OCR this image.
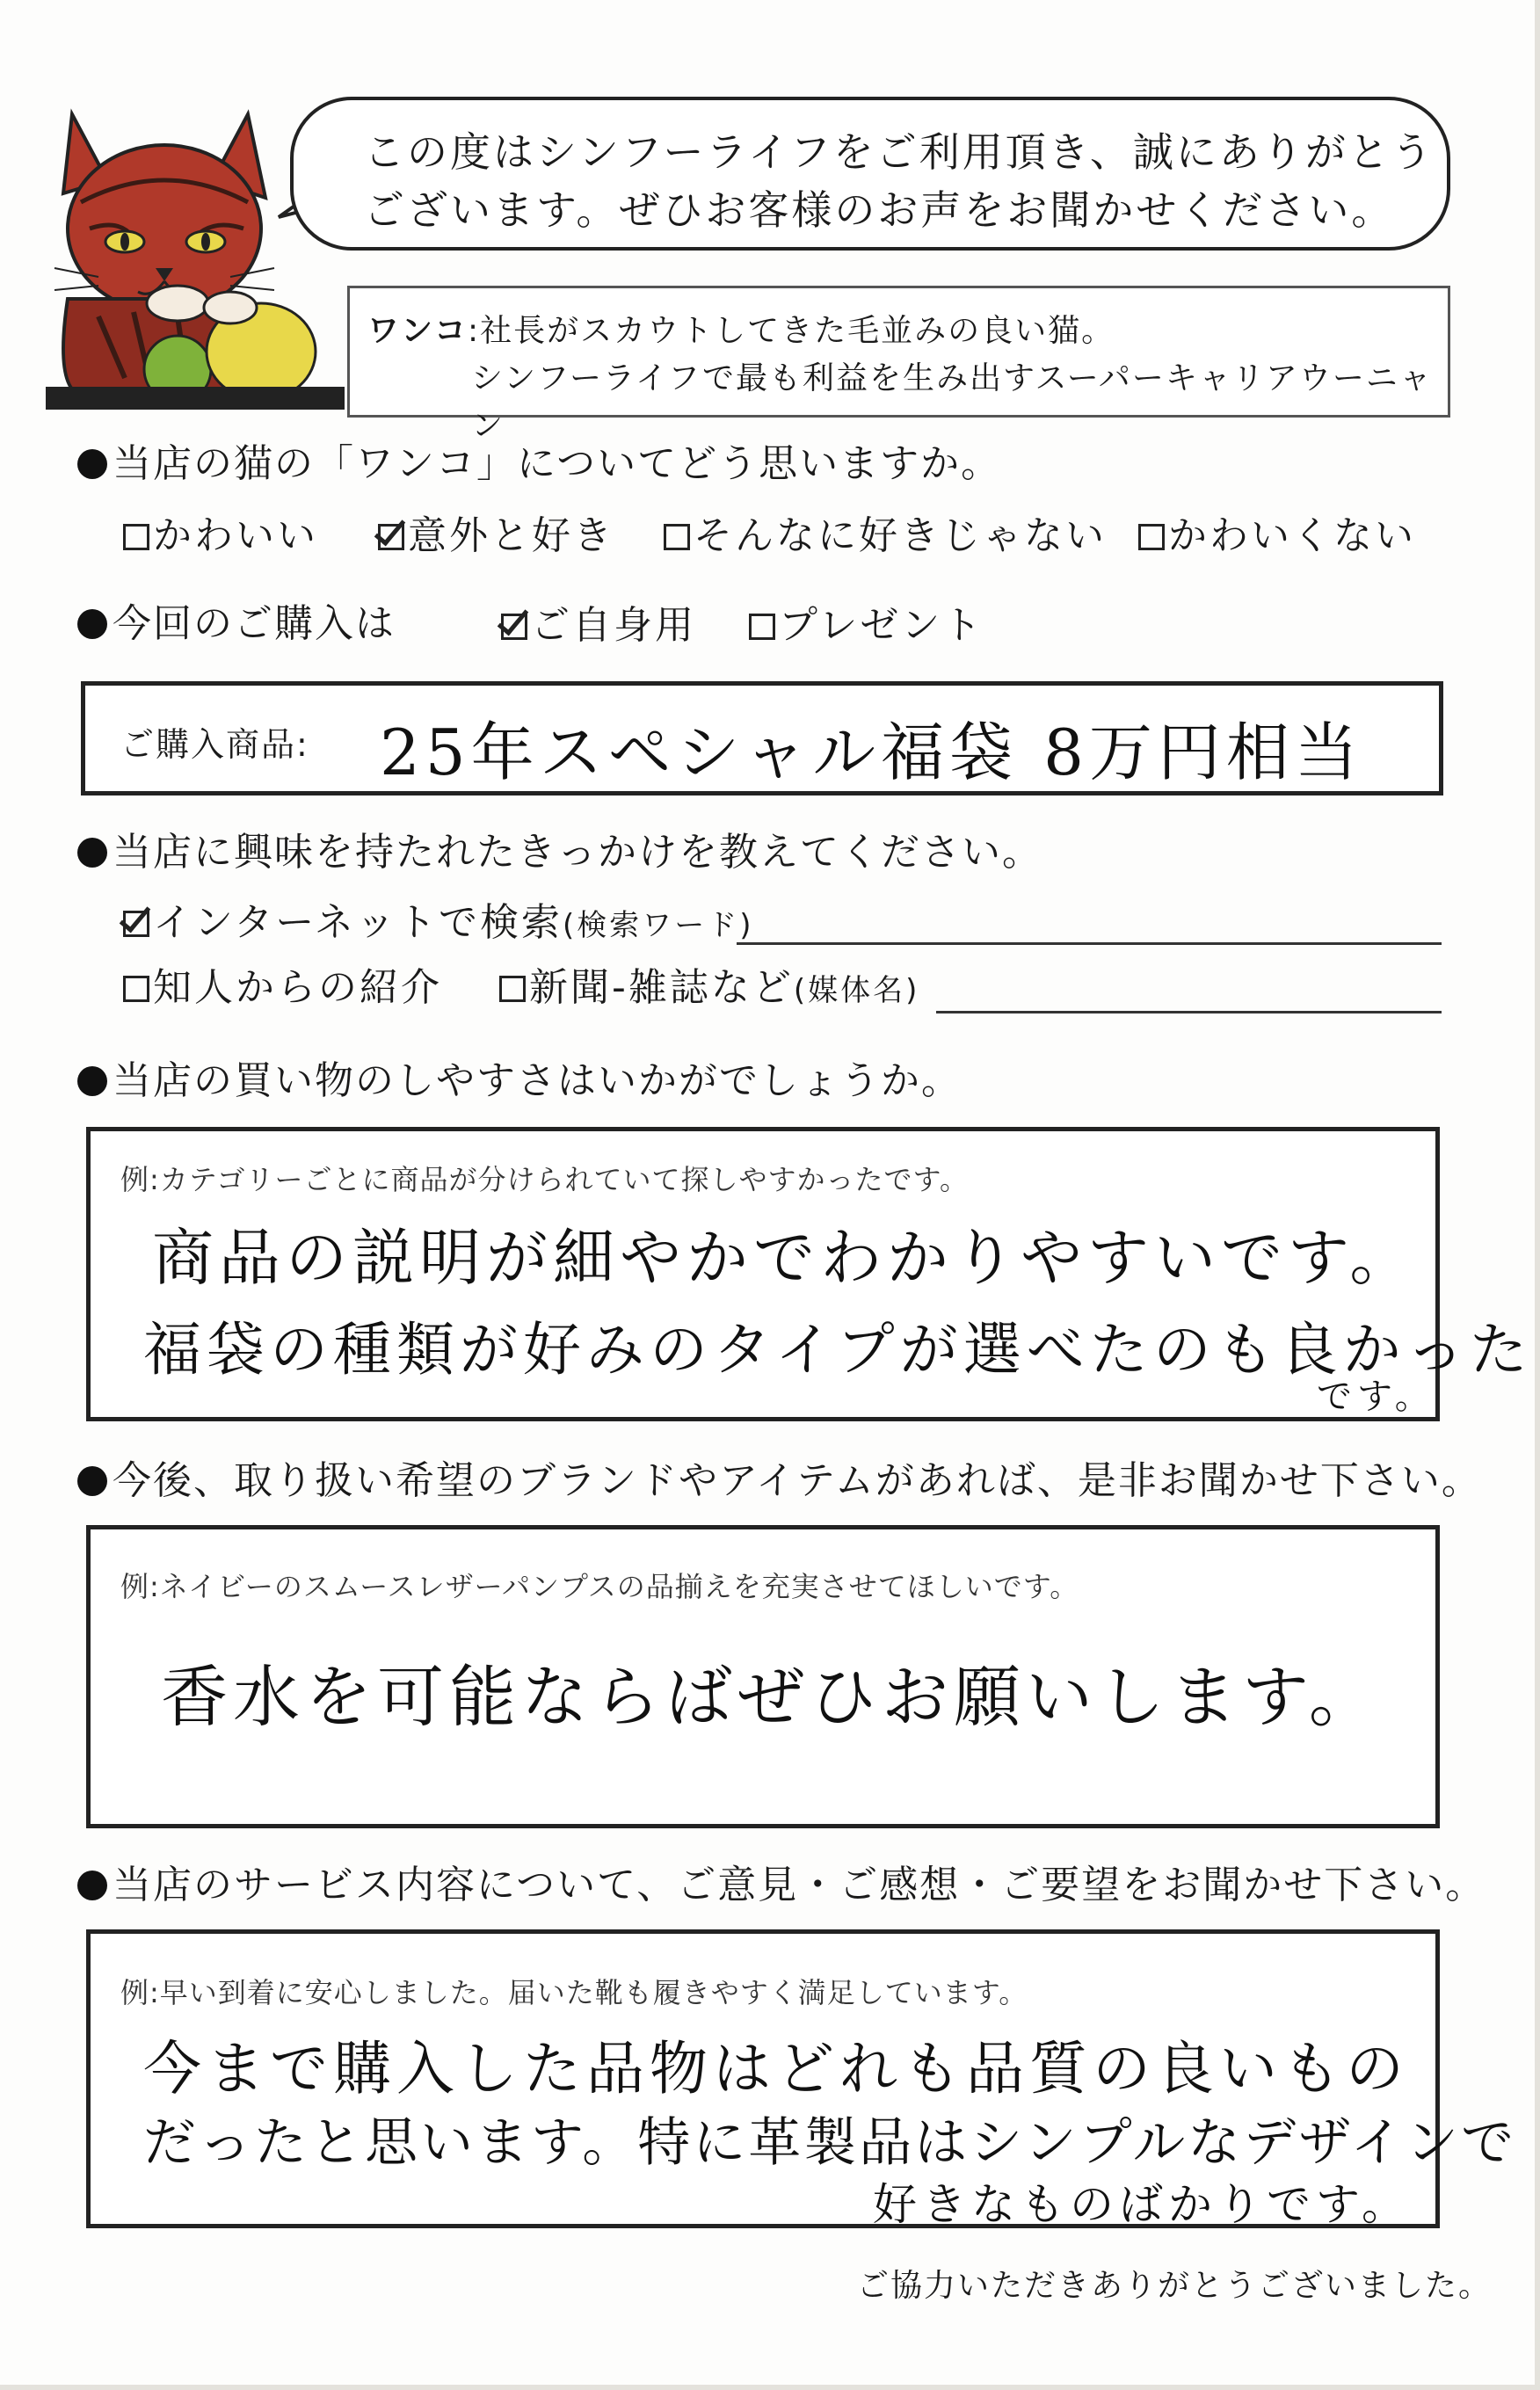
この度はシンフーライフをご利用頂き、誠にありがとう
ございます。ぜひお客様のお声をお聞かせください。
ワンコ:社長がスカウトしてきた毛並みの良い猫。
シンフーライフで最も利益を生み出すスーパーキャリアウーニャン
当店の猫の「ワンコ」についてどう思いますか。
かわいい	意外と好き	そんなに好きじゃない	かわいくない
今回のご購入は	ご自身用	プレゼント
ご購入商品: 25年スペシャル福袋 8万円相当
当店に興味を持たれたきっかけを教えてください。
インターネットで検索(検索ワード)
知人からの紹介	新聞-雑誌など(媒体名)
当店の買い物のしやすさはいかがでしょうか。
例:カテゴリーごとに商品が分けられていて探しやすかったです。
商品の説明が細やかでわかりやすいです。
福袋の種類が好みのタイプが選べたのも良かった
です。
今後、取り扱い希望のブランドやアイテムがあれば、是非お聞かせ下さい。
例:ネイビーのスムースレザーパンプスの品揃えを充実させてほしいです。
香水を可能ならばぜひお願いします。
当店のサービス内容について、ご意見・ご感想・ご要望をお聞かせ下さい。
例:早い到着に安心しました。届いた靴も履きやすく満足しています。
今まで購入した品物はどれも品質の良いもの
だったと思います。特に革製品はシンプルなデザインで
好きなものばかりです。
ご協力いただきありがとうございました。
